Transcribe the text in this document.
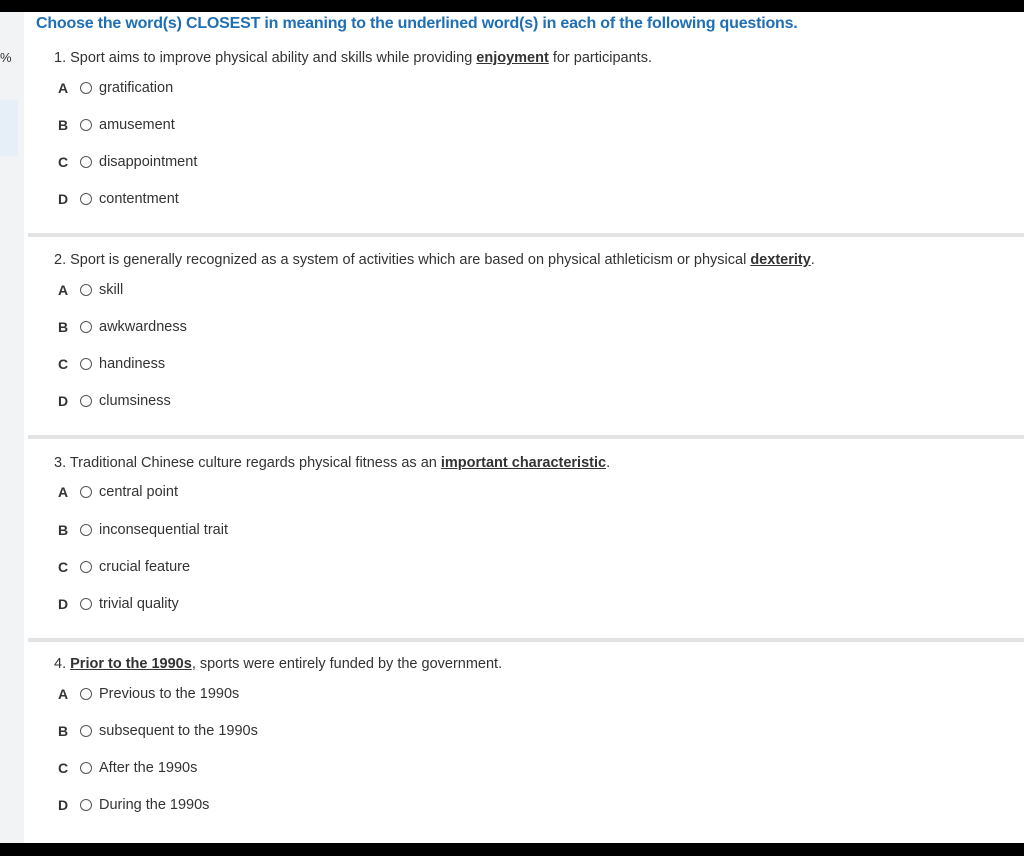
%
Choose the word(s) CLOSEST in meaning to the underlined word(s) in each of the following questions.
1. Sport aims to improve physical ability and skills while providing enjoyment for participants.
A	gratification
B	amusement
C	disappointment
D	contentment
2. Sport is generally recognized as a system of activities which are based on physical athleticism or physical dexterity.
A	skill
B	awkwardness
C	handiness
D	clumsiness
3. Traditional Chinese culture regards physical fitness as an important characteristic.
A	central point
B	inconsequential trait
C	crucial feature
D	trivial quality
4. Prior to the 1990s, sports were entirely funded by the government.
A	Previous to the 1990s
B	subsequent to the 1990s
C	After the 1990s
D	During the 1990s
